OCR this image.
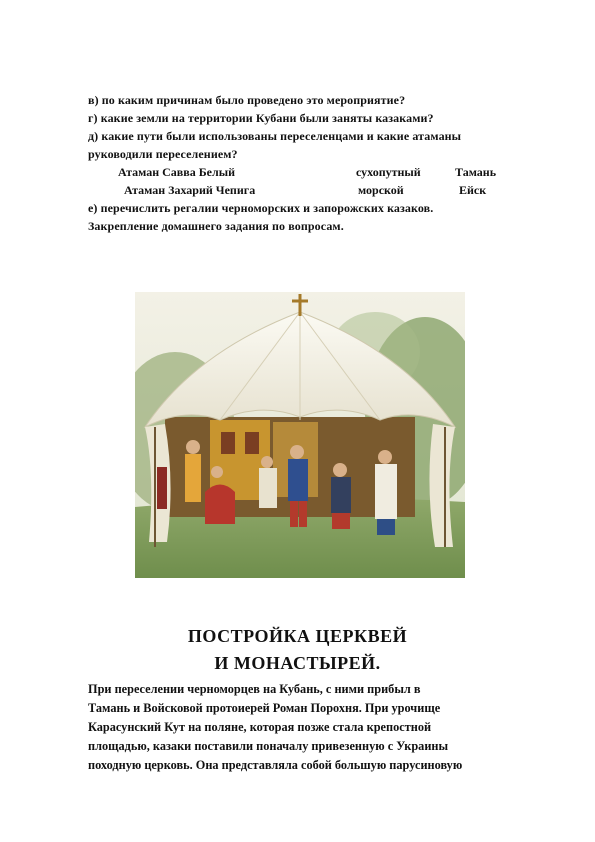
в) по каким причинам было проведено это мероприятие?
г) какие земли на территории Кубани были заняты казаками?
д) какие пути были использованы переселенцами и какие атаманы
руководили переселением?
Атаман Савва Белый	сухопутный	Тамань
Атаман Захарий Чепига	морской	Ейск
е) перечислить регалии черноморских и запорожских казаков.
Закрепление домашнего задания по вопросам.
ПОСТРОЙКА ЦЕРКВЕЙ
И МОНАСТЫРЕЙ.
При переселении черноморцев на Кубань, с ними прибыл в
Тамань и Войсковой протоиерей Роман Порохня. При урочище
Карасунский Кут на поляне, которая позже стала крепостной
площадью, казаки поставили поначалу привезенную с Украины
походную церковь. Она представляла собой большую парусиновую
